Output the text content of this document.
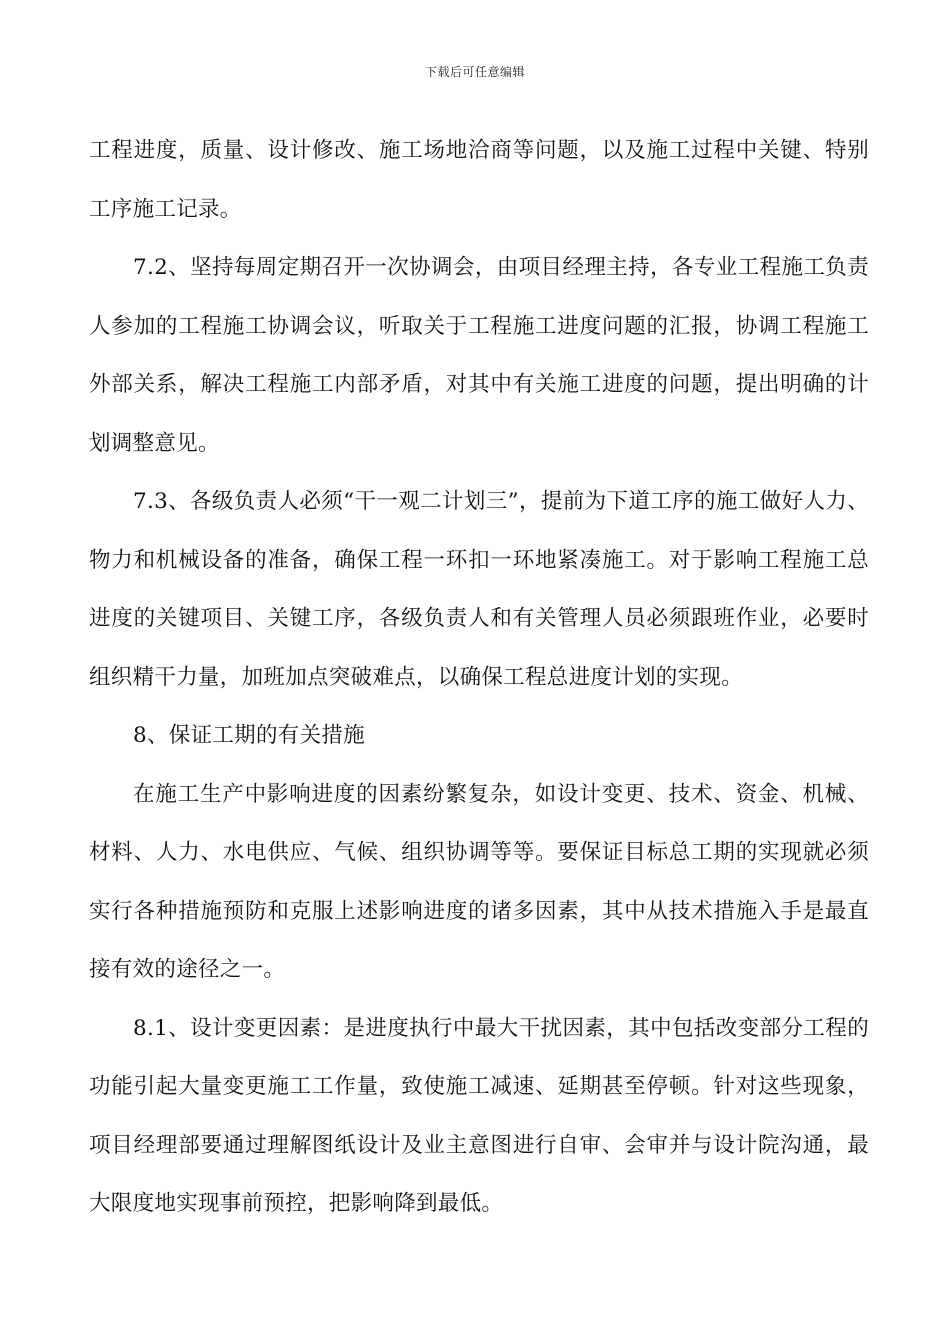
下载后可任意编辑

工程进度，质量、设计修改、施工场地洽商等问题，以及施工过程中关键、特别工序施工记录。

7.2、坚持每周定期召开一次协调会，由项目经理主持，各专业工程施工负责人参加的工程施工协调会议，听取关于工程施工进度问题的汇报，协调工程施工外部关系，解决工程施工内部矛盾，对其中有关施工进度的问题，提出明确的计划调整意见。

7.3、各级负责人必须“干一观二计划三”，提前为下道工序的施工做好人力、物力和机械设备的准备，确保工程一环扣一环地紧凑施工。对于影响工程施工总进度的关键项目、关键工序，各级负责人和有关管理人员必须跟班作业，必要时组织精干力量，加班加点突破难点，以确保工程总进度计划的实现。

8、保证工期的有关措施

在施工生产中影响进度的因素纷繁复杂，如设计变更、技术、资金、机械、材料、人力、水电供应、气候、组织协调等等。要保证目标总工期的实现就必须实行各种措施预防和克服上述影响进度的诸多因素，其中从技术措施入手是最直接有效的途径之一。

8.1、设计变更因素：是进度执行中最大干扰因素，其中包括改变部分工程的功能引起大量变更施工工作量，致使施工减速、延期甚至停顿。针对这些现象，项目经理部要通过理解图纸设计及业主意图进行自审、会审并与设计院沟通，最大限度地实现事前预控，把影响降到最低。
